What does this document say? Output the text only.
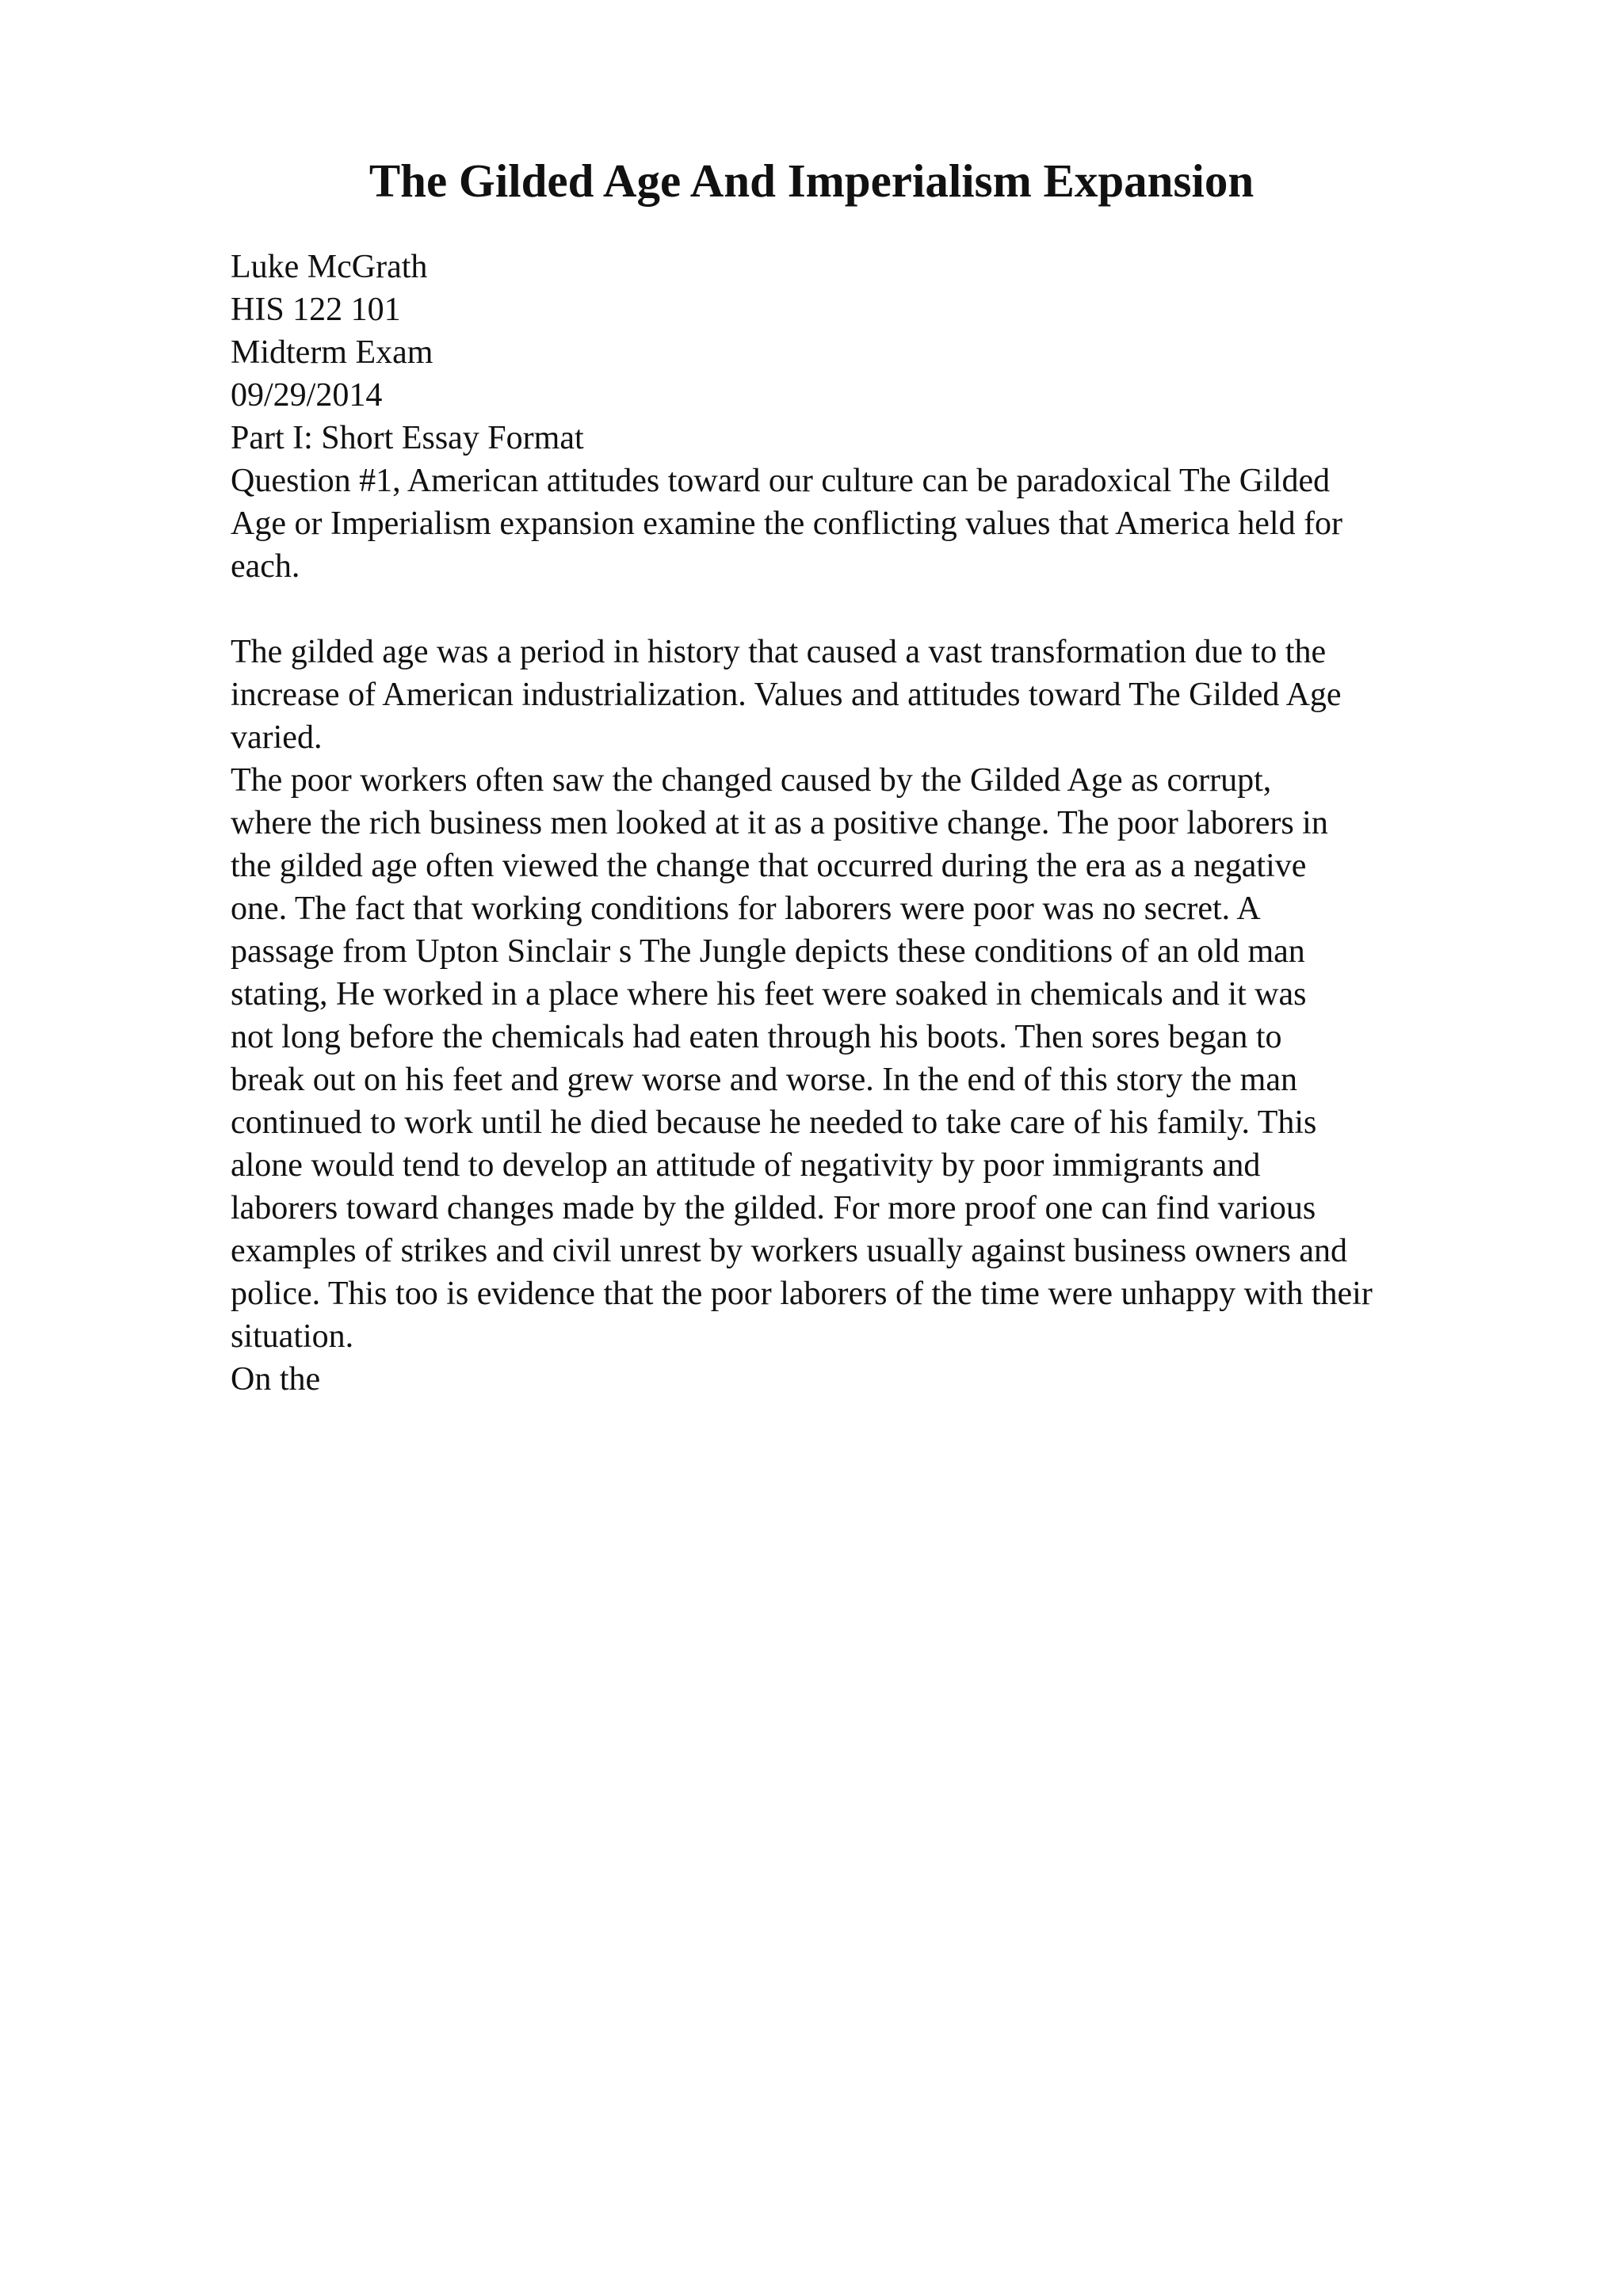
The Gilded Age And Imperialism Expansion
Luke McGrath
HIS 122 101
Midterm Exam
09/29/2014
Part I: Short Essay Format
Question #1, American attitudes toward our culture can be paradoxical The Gilded
Age or Imperialism expansion examine the conflicting values that America held for
each.
The gilded age was a period in history that caused a vast transformation due to the
increase of American industrialization. Values and attitudes toward The Gilded Age
varied.
The poor workers often saw the changed caused by the Gilded Age as corrupt,
where the rich business men looked at it as a positive change. The poor laborers in
the gilded age often viewed the change that occurred during the era as a negative
one. The fact that working conditions for laborers were poor was no secret. A
passage from Upton Sinclair s The Jungle depicts these conditions of an old man
stating, He worked in a place where his feet were soaked in chemicals and it was
not long before the chemicals had eaten through his boots. Then sores began to
break out on his feet and grew worse and worse. In the end of this story the man
continued to work until he died because he needed to take care of his family. This
alone would tend to develop an attitude of negativity by poor immigrants and
laborers toward changes made by the gilded. For more proof one can find various
examples of strikes and civil unrest by workers usually against business owners and
police. This too is evidence that the poor laborers of the time were unhappy with their
situation.
On the
